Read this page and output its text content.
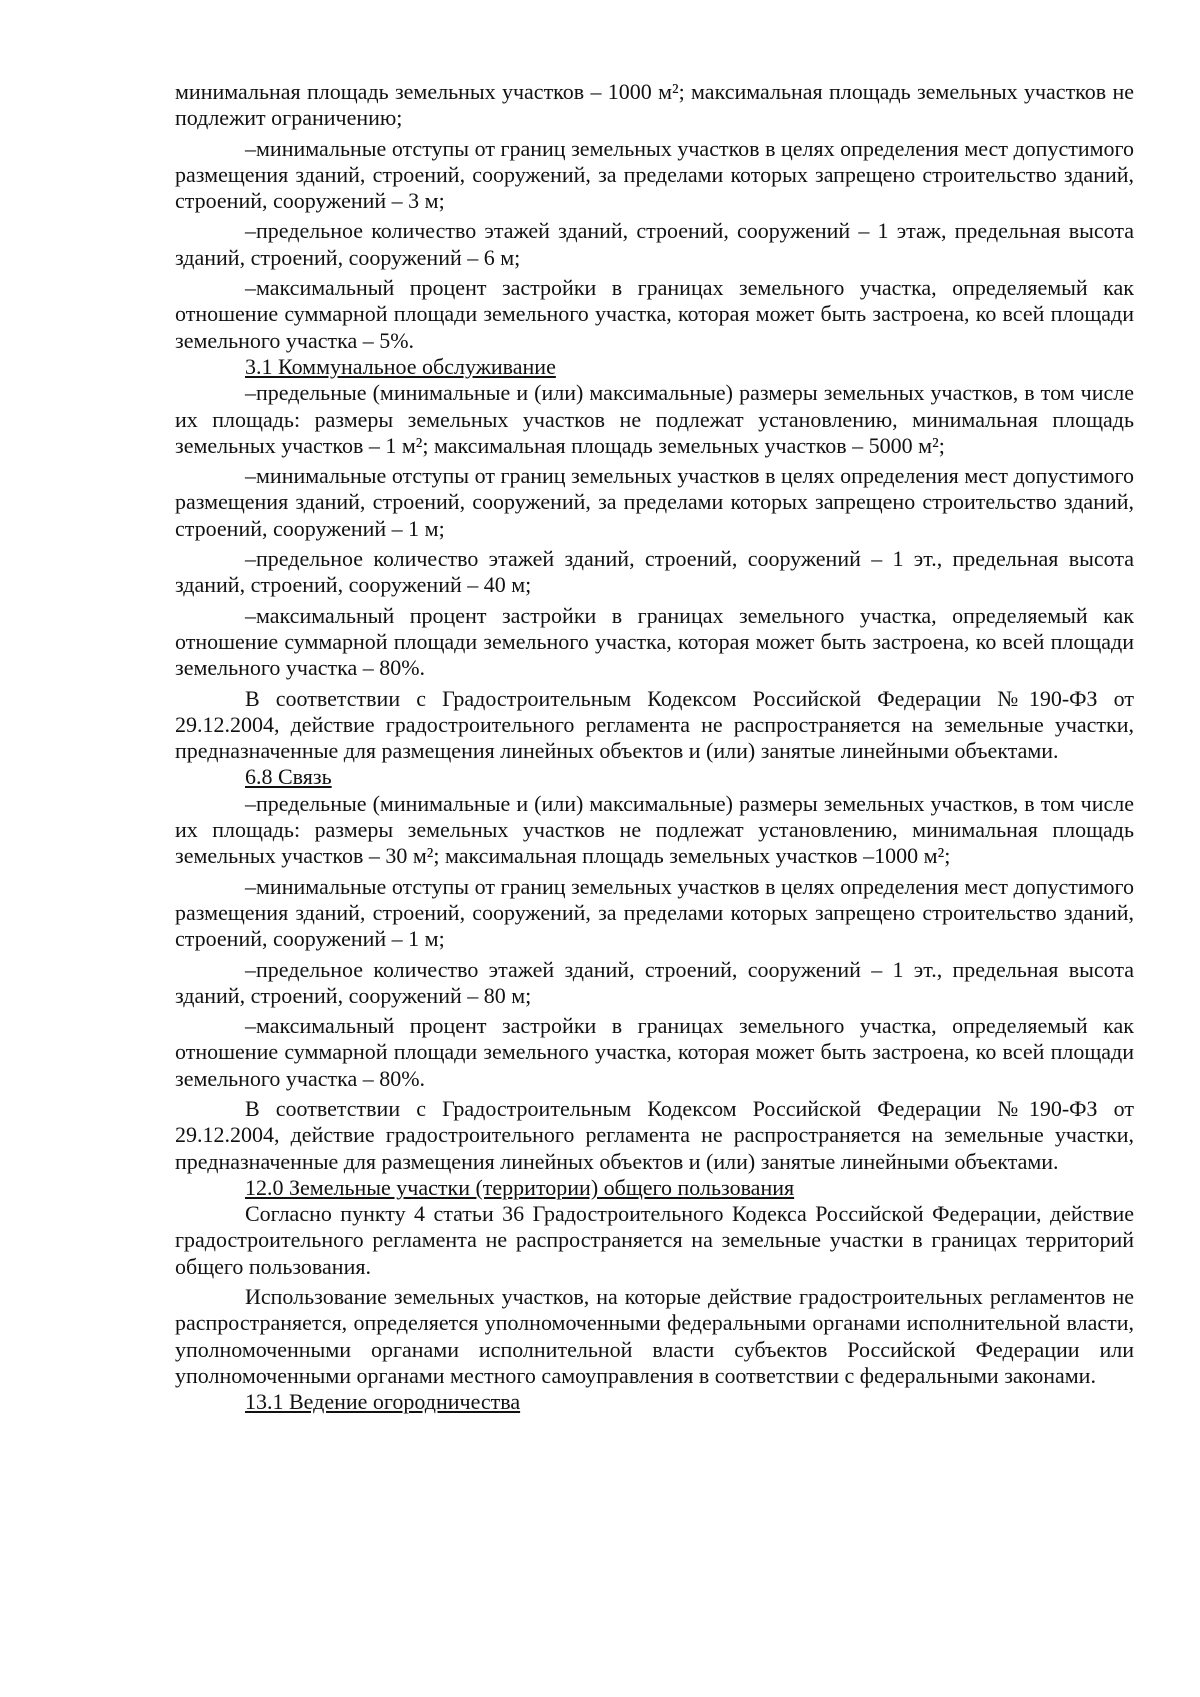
минимальная площадь земельных участков – 1000 м²; максимальная площадь земельных участков не подлежит ограничению;

–минимальные отступы от границ земельных участков в целях определения мест допустимого размещения зданий, строений, сооружений, за пределами которых запрещено строительство зданий, строений, сооружений – 3 м;

–предельное количество этажей зданий, строений, сооружений – 1 этаж, предельная высота зданий, строений, сооружений – 6 м;

–максимальный процент застройки в границах земельного участка, определяемый как отношение суммарной площади земельного участка, которая может быть застроена, ко всей площади земельного участка – 5%.

3.1 Коммунальное обслуживание

–предельные (минимальные и (или) максимальные) размеры земельных участков, в том числе их площадь: размеры земельных участков не подлежат установлению, минимальная площадь земельных участков – 1 м²; максимальная площадь земельных участков – 5000 м²;

–минимальные отступы от границ земельных участков в целях определения мест допустимого размещения зданий, строений, сооружений, за пределами которых запрещено строительство зданий, строений, сооружений – 1 м;

–предельное количество этажей зданий, строений, сооружений – 1 эт., предельная высота зданий, строений, сооружений – 40 м;

–максимальный процент застройки в границах земельного участка, определяемый как отношение суммарной площади земельного участка, которая может быть застроена, ко всей площади земельного участка – 80%.

В соответствии с Градостроительным Кодексом Российской Федерации №190-ФЗ от 29.12.2004, действие градостроительного регламента не распространяется на земельные участки, предназначенные для размещения линейных объектов и (или) занятые линейными объектами.

6.8 Связь

–предельные (минимальные и (или) максимальные) размеры земельных участков, в том числе их площадь: размеры земельных участков не подлежат установлению, минимальная площадь земельных участков – 30 м²; максимальная площадь земельных участков –1000 м²;

–минимальные отступы от границ земельных участков в целях определения мест допустимого размещения зданий, строений, сооружений, за пределами которых запрещено строительство зданий, строений, сооружений – 1 м;

–предельное количество этажей зданий, строений, сооружений – 1 эт., предельная высота зданий, строений, сооружений – 80 м;

–максимальный процент застройки в границах земельного участка, определяемый как отношение суммарной площади земельного участка, которая может быть застроена, ко всей площади земельного участка – 80%.

В соответствии с Градостроительным Кодексом Российской Федерации №190-ФЗ от 29.12.2004, действие градостроительного регламента не распространяется на земельные участки, предназначенные для размещения линейных объектов и (или) занятые линейными объектами.

12.0 Земельные участки (территории) общего пользования

Согласно пункту 4 статьи 36 Градостроительного Кодекса Российской Федерации, действие градостроительного регламента не распространяется на земельные участки в границах территорий общего пользования.

Использование земельных участков, на которые действие градостроительных регламентов не распространяется, определяется уполномоченными федеральными органами исполнительной власти, уполномоченными органами исполнительной власти субъектов Российской Федерации или уполномоченными органами местного самоуправления в соответствии с федеральными законами.

13.1 Ведение огородничества
